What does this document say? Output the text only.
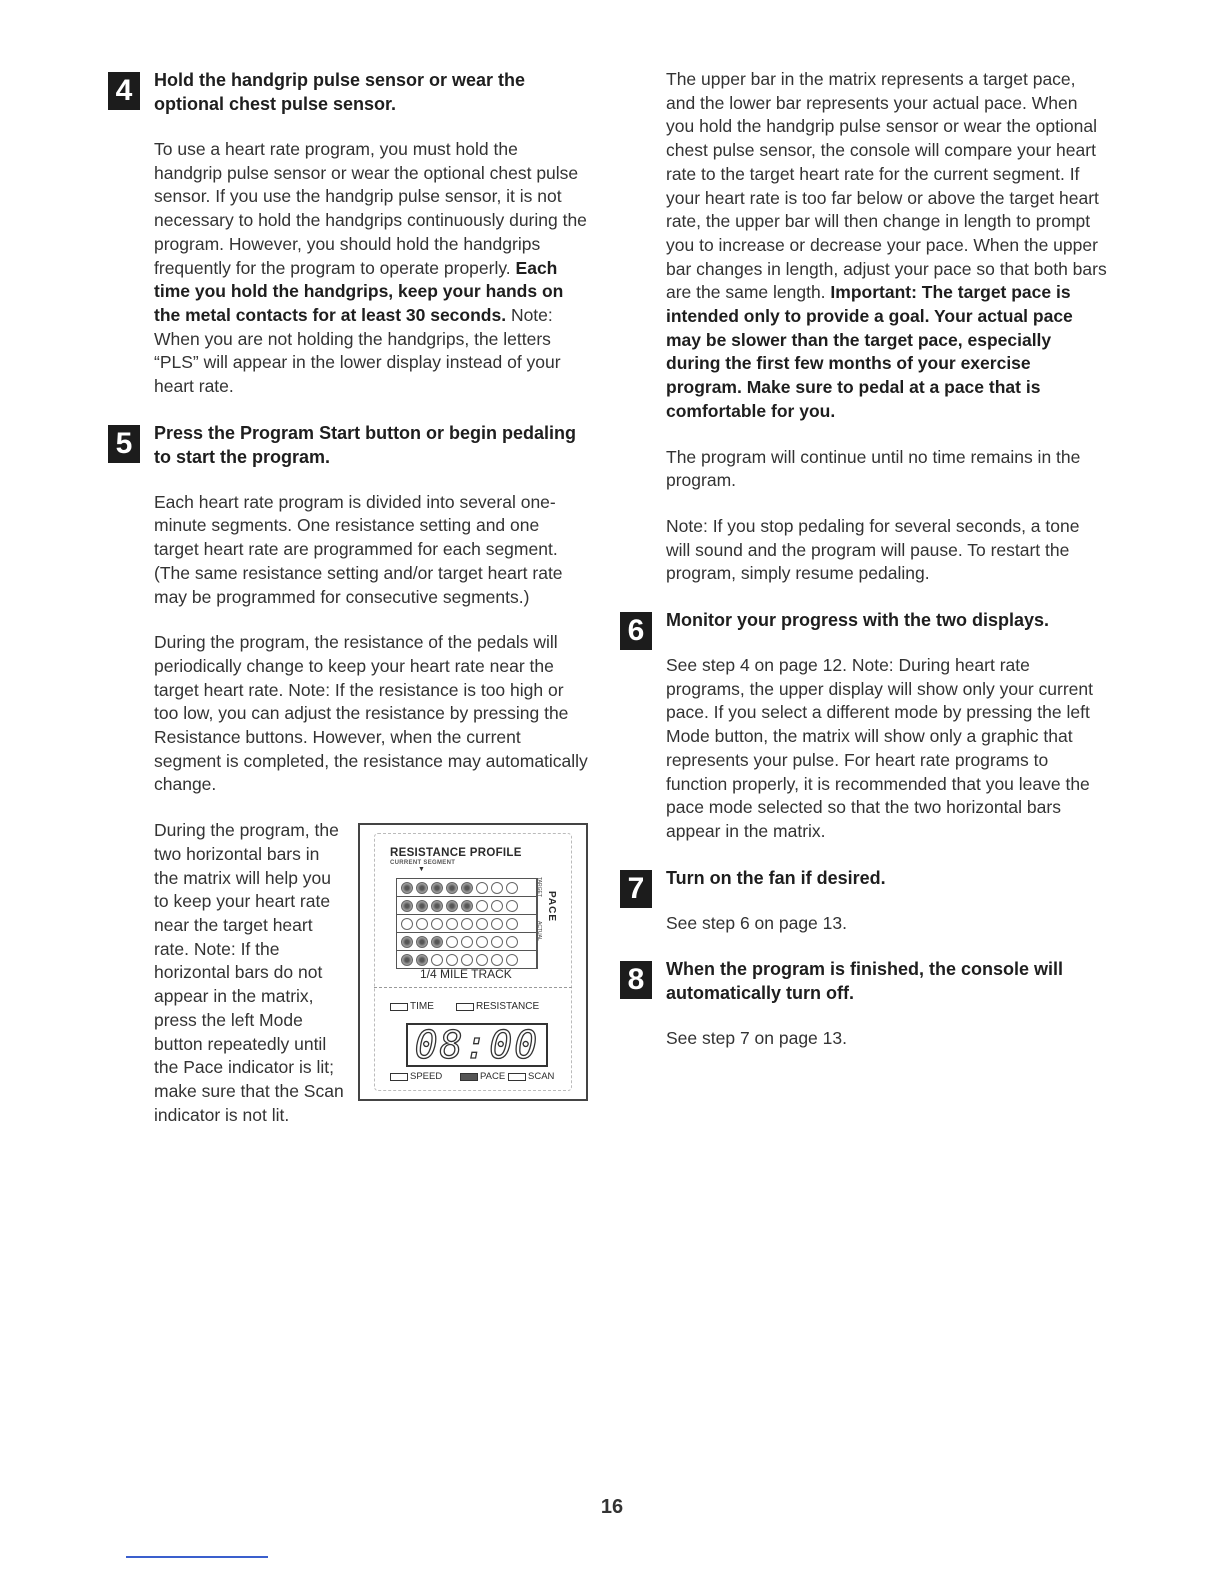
4	Hold the handgrip pulse sensor or wear the optional chest pulse sensor.

To use a heart rate program, you must hold the handgrip pulse sensor or wear the optional chest pulse sensor. If you use the handgrip pulse sensor, it is not necessary to hold the handgrips continuously during the program. However, you should hold the handgrips frequently for the program to operate properly. Each time you hold the handgrips, keep your hands on the metal contacts for at least 30 seconds. Note: When you are not holding the handgrips, the letters “PLS” will appear in the lower display instead of your heart rate.

5	Press the Program Start button or begin pedaling to start the program.

Each heart rate program is divided into several one-minute segments. One resistance setting and one target heart rate are programmed for each segment. (The same resistance setting and/or target heart rate may be programmed for consecutive segments.)

During the program, the resistance of the pedals will periodically change to keep your heart rate near the target heart rate. Note: If the resistance is too high or too low, you can adjust the resistance by pressing the Resistance buttons. However, when the current segment is completed, the resistance may automatically change.

RESISTANCE PROFILE
CURRENT SEGMENT
▼
TARGET
PACE
ACTUAL
1/4 MILE TRACK
TIME	RESISTANCE
08:00
SPEED	PACE	SCAN

During the program, the two horizontal bars in the matrix will help you to keep your heart rate near the target heart rate. Note: If the horizontal bars do not appear in the matrix, press the left Mode button repeatedly until the Pace indicator is lit; make sure that the Scan indicator is not lit.

The upper bar in the matrix represents a target pace, and the lower bar represents your actual pace. When you hold the handgrip pulse sensor or wear the optional chest pulse sensor, the console will compare your heart rate to the target heart rate for the current segment. If your heart rate is too far below or above the target heart rate, the upper bar will then change in length to prompt you to increase or decrease your pace. When the upper bar changes in length, adjust your pace so that both bars are the same length. Important: The target pace is intended only to provide a goal. Your actual pace may be slower than the target pace, especially during the first few months of your exercise program. Make sure to pedal at a pace that is comfortable for you.

The program will continue until no time remains in the program.

Note: If you stop pedaling for several seconds, a tone will sound and the program will pause. To restart the program, simply resume pedaling.

6	Monitor your progress with the two displays.

See step 4 on page 12. Note: During heart rate programs, the upper display will show only your current pace. If you select a different mode by pressing the left Mode button, the matrix will show only a graphic that represents your pulse. For heart rate programs to function properly, it is recommended that you leave the pace mode selected so that the two horizontal bars appear in the matrix.

7	Turn on the fan if desired.

See step 6 on page 13.

8	When the program is finished, the console will automatically turn off.

See step 7 on page 13.

16
